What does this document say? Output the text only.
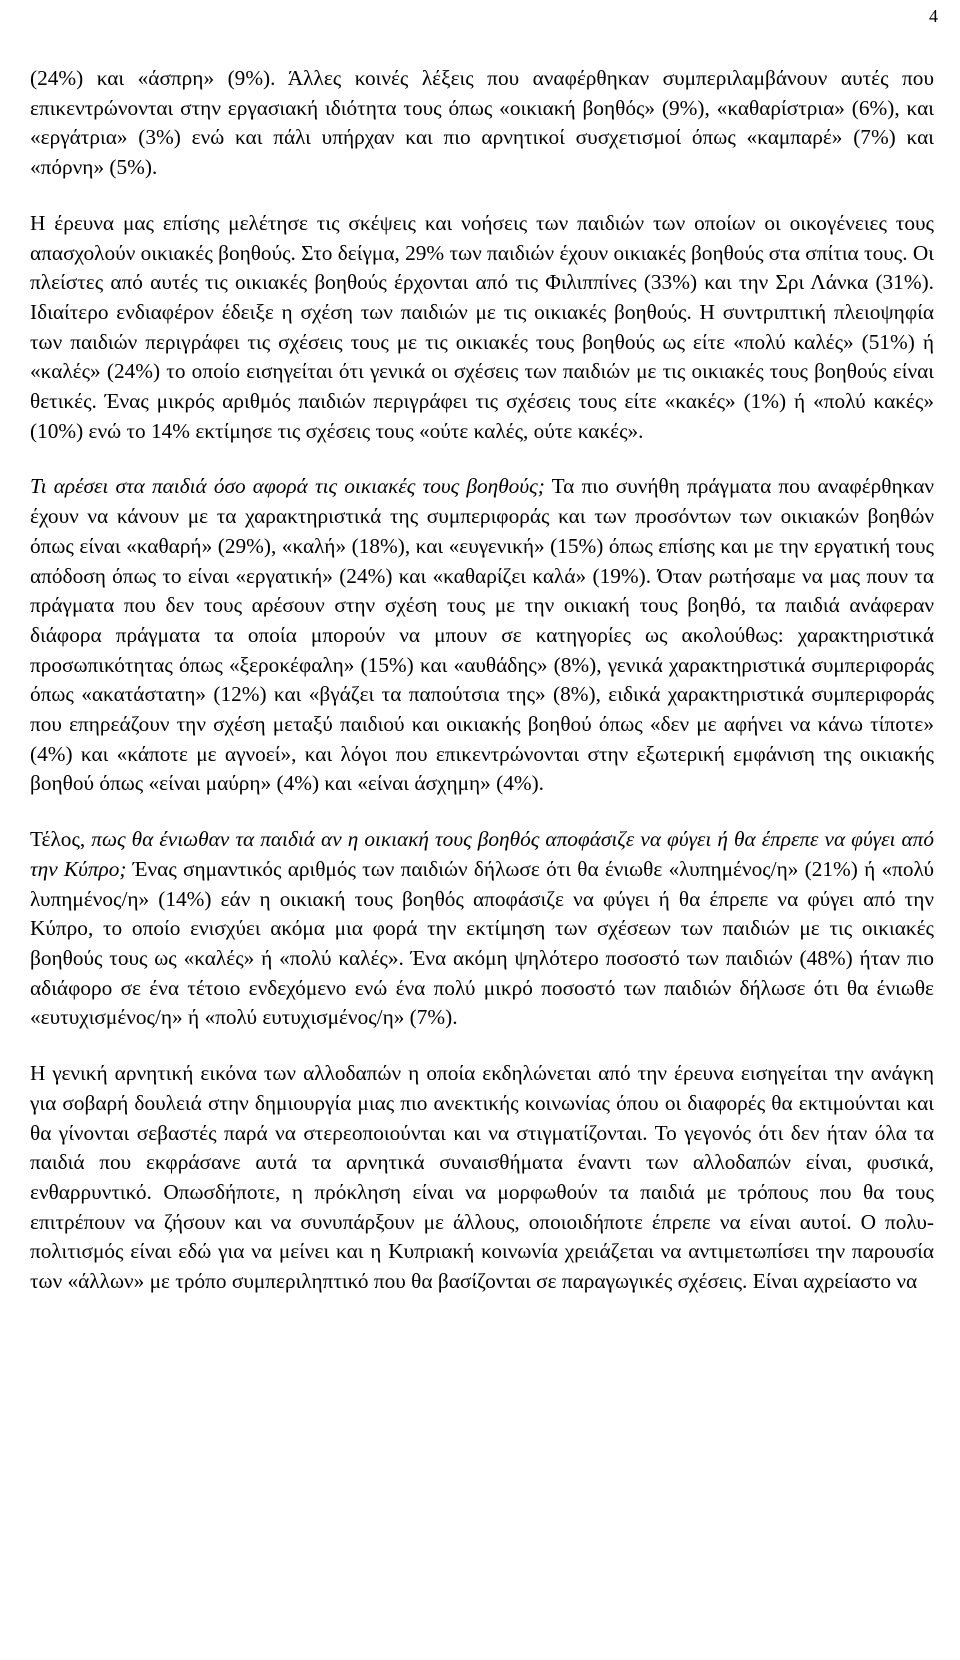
4

(24%) και «άσπρη» (9%). Άλλες κοινές λέξεις που αναφέρθηκαν συμπεριλαμβάνουν αυτές που επικεντρώνονται στην εργασιακή ιδιότητα τους όπως «οικιακή βοηθός» (9%), «καθαρίστρια» (6%), και «εργάτρια» (3%) ενώ και πάλι υπήρχαν και πιο αρνητικοί συσχετισμοί όπως «καμπαρέ» (7%) και «πόρνη» (5%).

Η έρευνα μας επίσης μελέτησε τις σκέψεις και νοήσεις των παιδιών των οποίων οι οικογένειες τους απασχολούν οικιακές βοηθούς. Στο δείγμα, 29% των παιδιών έχουν οικιακές βοηθούς στα σπίτια τους. Οι πλείστες από αυτές τις οικιακές βοηθούς έρχονται από τις Φιλιππίνες (33%) και την Σρι Λάνκα (31%). Ιδιαίτερο ενδιαφέρον έδειξε η σχέση των παιδιών με τις οικιακές βοηθούς. Η συντριπτική πλειοψηφία των παιδιών περιγράφει τις σχέσεις τους με τις οικιακές τους βοηθούς ως είτε «πολύ καλές» (51%) ή «καλές» (24%) το οποίο εισηγείται ότι γενικά οι σχέσεις των παιδιών με τις οικιακές τους βοηθούς είναι θετικές. Ένας μικρός αριθμός παιδιών περιγράφει τις σχέσεις τους είτε «κακές» (1%) ή «πολύ κακές» (10%) ενώ το 14% εκτίμησε τις σχέσεις τους «ούτε καλές, ούτε κακές».

Τι αρέσει στα παιδιά όσο αφορά τις οικιακές τους βοηθούς; Τα πιο συνήθη πράγματα που αναφέρθηκαν έχουν να κάνουν με τα χαρακτηριστικά της συμπεριφοράς και των προσόντων των οικιακών βοηθών όπως είναι «καθαρή» (29%), «καλή» (18%), και «ευγενική» (15%) όπως επίσης και με την εργατική τους απόδοση όπως το είναι «εργατική» (24%) και «καθαρίζει καλά» (19%). Όταν ρωτήσαμε να μας πουν τα πράγματα που δεν τους αρέσουν στην σχέση τους με την οικιακή τους βοηθό, τα παιδιά ανάφεραν διάφορα πράγματα τα οποία μπορούν να μπουν σε κατηγορίες ως ακολούθως: χαρακτηριστικά προσωπικότητας όπως «ξεροκέφαλη» (15%) και «αυθάδης» (8%), γενικά χαρακτηριστικά συμπεριφοράς όπως «ακατάστατη» (12%) και «βγάζει τα παπούτσια της» (8%), ειδικά χαρακτηριστικά συμπεριφοράς που επηρεάζουν την σχέση μεταξύ παιδιού και οικιακής βοηθού όπως «δεν με αφήνει να κάνω τίποτε» (4%) και «κάποτε με αγνοεί», και λόγοι που επικεντρώνονται στην εξωτερική εμφάνιση της οικιακής βοηθού όπως «είναι μαύρη» (4%) και «είναι άσχημη» (4%).

Τέλος, πως θα ένιωθαν τα παιδιά αν η οικιακή τους βοηθός αποφάσιζε να φύγει ή θα έπρεπε να φύγει από την Κύπρο; Ένας σημαντικός αριθμός των παιδιών δήλωσε ότι θα ένιωθε «λυπημένος/η» (21%) ή «πολύ λυπημένος/η» (14%) εάν η οικιακή τους βοηθός αποφάσιζε να φύγει ή θα έπρεπε να φύγει από την Κύπρο, το οποίο ενισχύει ακόμα μια φορά την εκτίμηση των σχέσεων των παιδιών με τις οικιακές βοηθούς τους ως «καλές» ή «πολύ καλές». Ένα ακόμη ψηλότερο ποσοστό των παιδιών (48%) ήταν πιο αδιάφορο σε ένα τέτοιο ενδεχόμενο ενώ ένα πολύ μικρό ποσοστό των παιδιών δήλωσε ότι θα ένιωθε «ευτυχισμένος/η» ή «πολύ ευτυχισμένος/η» (7%).

Η γενική αρνητική εικόνα των αλλοδαπών η οποία εκδηλώνεται από την έρευνα εισηγείται την ανάγκη για σοβαρή δουλειά στην δημιουργία μιας πιο ανεκτικής κοινωνίας όπου οι διαφορές θα εκτιμούνται και θα γίνονται σεβαστές παρά να στερεοποιούνται και να στιγματίζονται. Το γεγονός ότι δεν ήταν όλα τα παιδιά που εκφράσανε αυτά τα αρνητικά συναισθήματα έναντι των αλλοδαπών είναι, φυσικά, ενθαρρυντικό. Οπωσδήποτε, η πρόκληση είναι να μορφωθούν τα παιδιά με τρόπους που θα τους επιτρέπουν να ζήσουν και να συνυπάρξουν με άλλους, οποιοιδήποτε έπρεπε να είναι αυτοί. Ο πολυ-πολιτισμός είναι εδώ για να μείνει και η Κυπριακή κοινωνία χρειάζεται να αντιμετωπίσει την παρουσία των «άλλων» με τρόπο συμπεριληπτικό που θα βασίζονται σε παραγωγικές σχέσεις. Είναι αχρείαστο να
